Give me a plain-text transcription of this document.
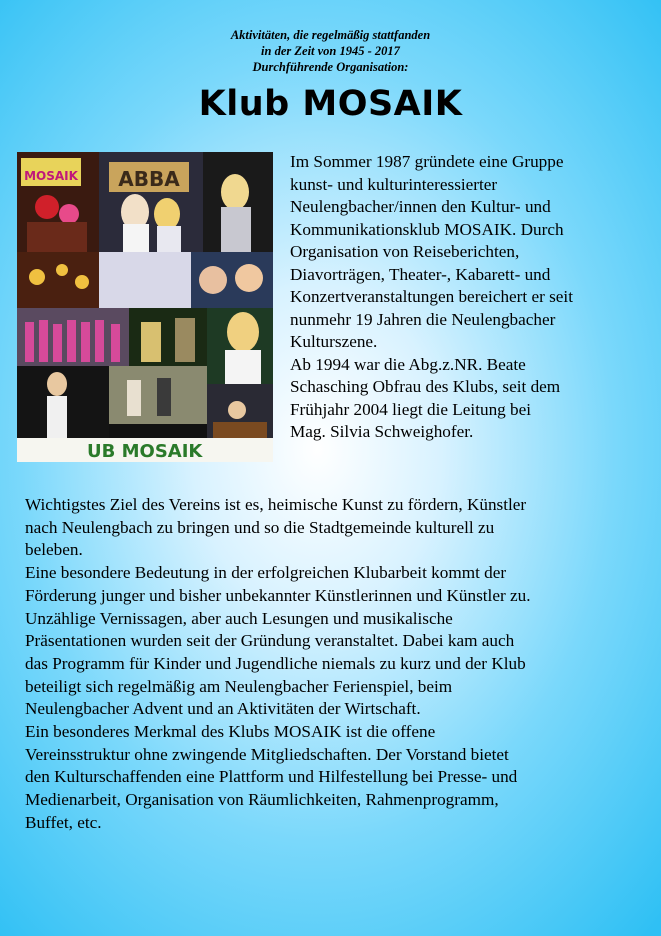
Aktivitäten, die regelmäßig stattfanden
in der Zeit von 1945 - 2017
Durchführende Organisation:
Klub MOSAIK
MOSAIK ABBA
UB MOSAIK
Im Sommer 1987 gründete eine Gruppe
kunst- und kulturinteressierter
Neulengbacher/innen den Kultur- und
Kommunikationsklub MOSAIK. Durch
Organisation von Reiseberichten,
Diavorträgen, Theater-, Kabarett- und
Konzertveranstaltungen bereichert er seit
nunmehr 19 Jahren die Neulengbacher
Kulturszene.
Ab 1994 war die Abg.z.NR. Beate
Schasching Obfrau des Klubs, seit dem
Frühjahr 2004 liegt die Leitung bei
Mag. Silvia Schweighofer.
Wichtigstes Ziel des Vereins ist es, heimische Kunst zu fördern, Künstler
nach Neulengbach zu bringen und so die Stadtgemeinde kulturell zu
beleben.
Eine besondere Bedeutung in der erfolgreichen Klubarbeit kommt der
Förderung junger und bisher unbekannter Künstlerinnen und Künstler zu.
Unzählige Vernissagen, aber auch Lesungen und musikalische
Präsentationen wurden seit der Gründung veranstaltet. Dabei kam auch
das Programm für Kinder und Jugendliche niemals zu kurz und der Klub
beteiligt sich regelmäßig am Neulengbacher Ferienspiel, beim
Neulengbacher Advent und an Aktivitäten der Wirtschaft.
Ein besonderes Merkmal des Klubs MOSAIK ist die offene
Vereinsstruktur ohne zwingende Mitgliedschaften. Der Vorstand bietet
den Kulturschaffenden eine Plattform und Hilfestellung bei Presse- und
Medienarbeit, Organisation von Räumlichkeiten, Rahmenprogramm,
Buffet, etc.
